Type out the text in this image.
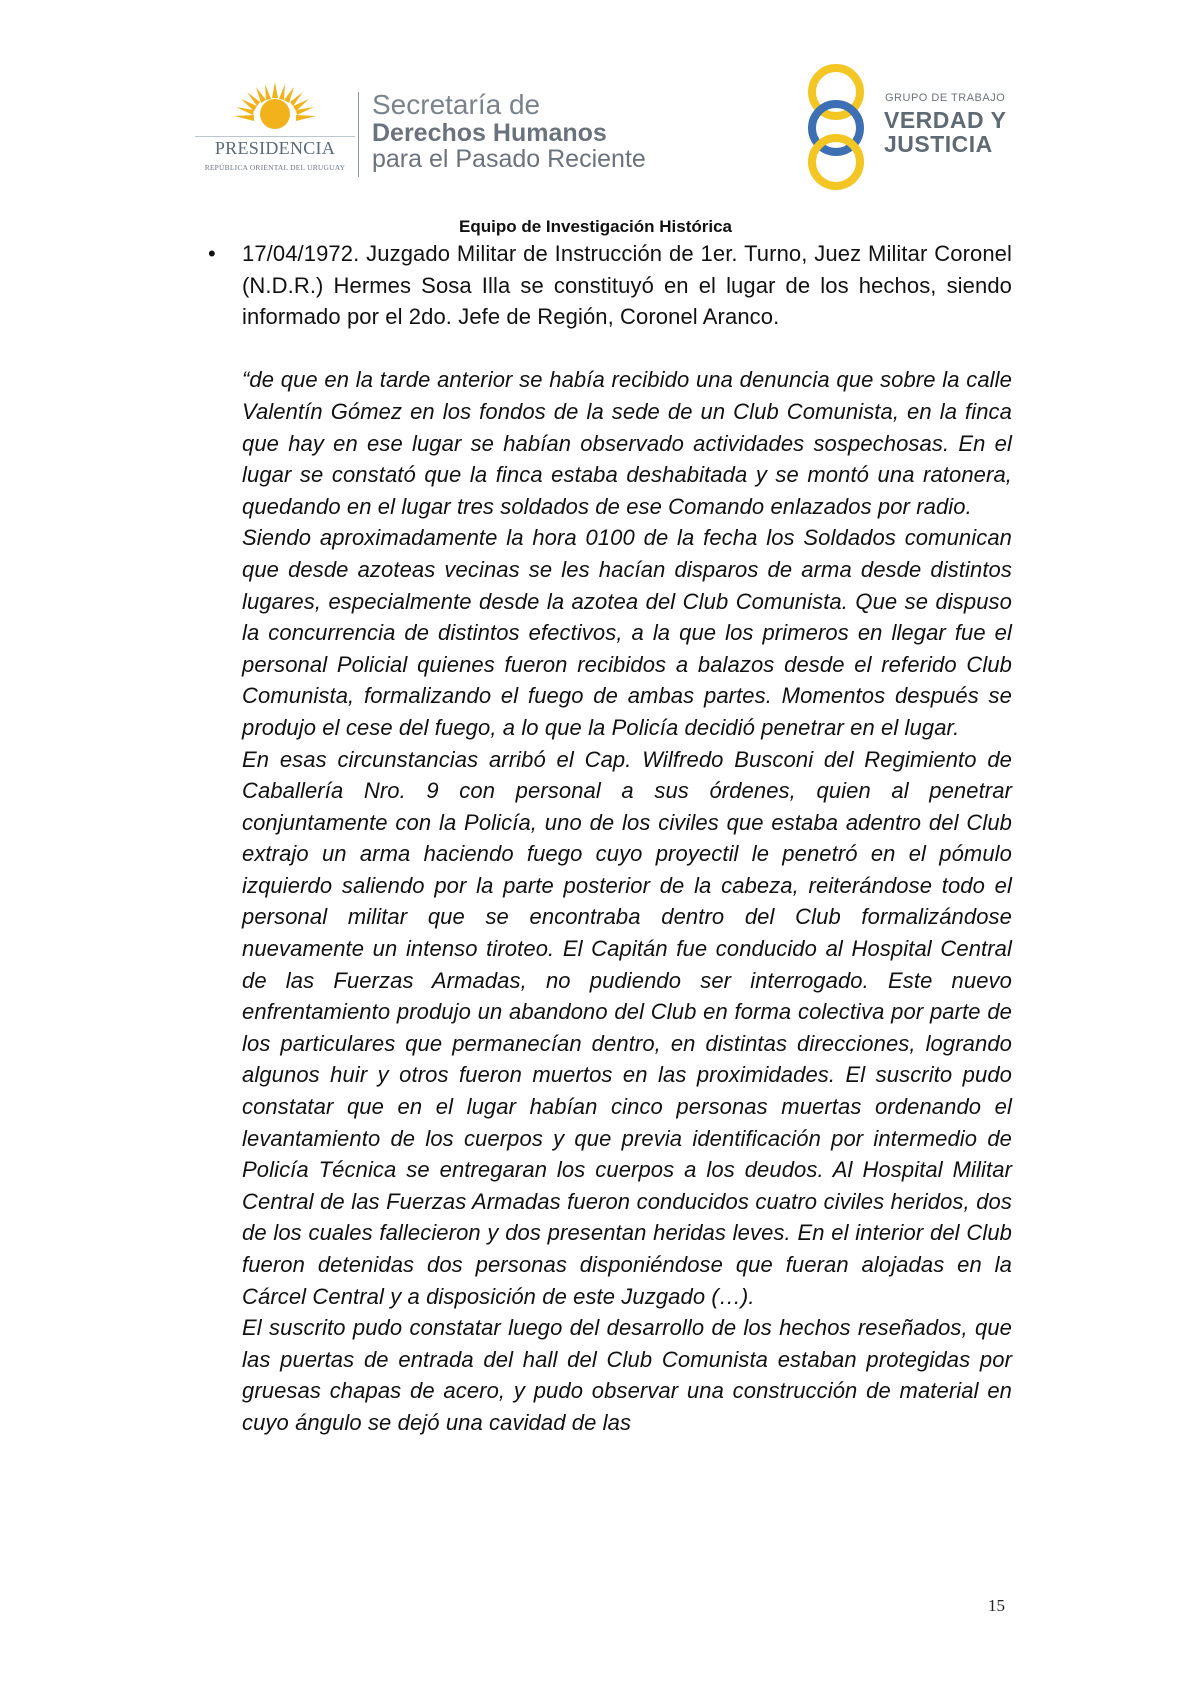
PRESIDENCIA
REPÚBLICA ORIENTAL DEL URUGUAY
Secretaría de
Derechos Humanos
para el Pasado Reciente
GRUPO DE TRABAJO
VERDAD Y
JUSTICIA
Equipo de Investigación Histórica
• 17/04/1972. Juzgado Militar de Instrucción de 1er. Turno, Juez Militar Coronel (N.D.R.) Hermes Sosa Illa se constituyó en el lugar de los hechos, siendo informado por el 2do. Jefe de Región, Coronel Aranco.

“de que en la tarde anterior se había recibido una denuncia que sobre la calle Valentín Gómez en los fondos de la sede de un Club Comunista, en la finca que hay en ese lugar se habían observado actividades sospechosas. En el lugar se constató que la finca estaba deshabitada y se montó una ratonera, quedando en el lugar tres soldados de ese Comando enlazados por radio.

Siendo aproximadamente la hora 0100 de la fecha los Soldados comunican que desde azoteas vecinas se les hacían disparos de arma desde distintos lugares, especialmente desde la azotea del Club Comunista. Que se dispuso la concurrencia de distintos efectivos, a la que los primeros en llegar fue el personal Policial quienes fueron recibidos a balazos desde el referido Club Comunista, formalizando el fuego de ambas partes. Momentos después se produjo el cese del fuego, a lo que la Policía decidió penetrar en el lugar.

En esas circunstancias arribó el Cap. Wilfredo Busconi del Regimiento de Caballería Nro. 9 con personal a sus órdenes, quien al penetrar conjuntamente con la Policía, uno de los civiles que estaba adentro del Club extrajo un arma haciendo fuego cuyo proyectil le penetró en el pómulo izquierdo saliendo por la parte posterior de la cabeza, reiterándose todo el personal militar que se encontraba dentro del Club formalizándose nuevamente un intenso tiroteo. El Capitán fue conducido al Hospital Central de las Fuerzas Armadas, no pudiendo ser interrogado. Este nuevo enfrentamiento produjo un abandono del Club en forma colectiva por parte de los particulares que permanecían dentro, en distintas direcciones, logrando algunos huir y otros fueron muertos en las proximidades. El suscrito pudo constatar que en el lugar habían cinco personas muertas ordenando el levantamiento de los cuerpos y que previa identificación por intermedio de Policía Técnica se entregaran los cuerpos a los deudos. Al Hospital Militar Central de las Fuerzas Armadas fueron conducidos cuatro civiles heridos, dos de los cuales fallecieron y dos presentan heridas leves. En el interior del Club fueron detenidas dos personas disponiéndose que fueran alojadas en la Cárcel Central y a disposición de este Juzgado (…).

El suscrito pudo constatar luego del desarrollo de los hechos reseñados, que las puertas de entrada del hall del Club Comunista estaban protegidas por gruesas chapas de acero, y pudo observar una construcción de material en cuyo ángulo se dejó una cavidad de las

15
